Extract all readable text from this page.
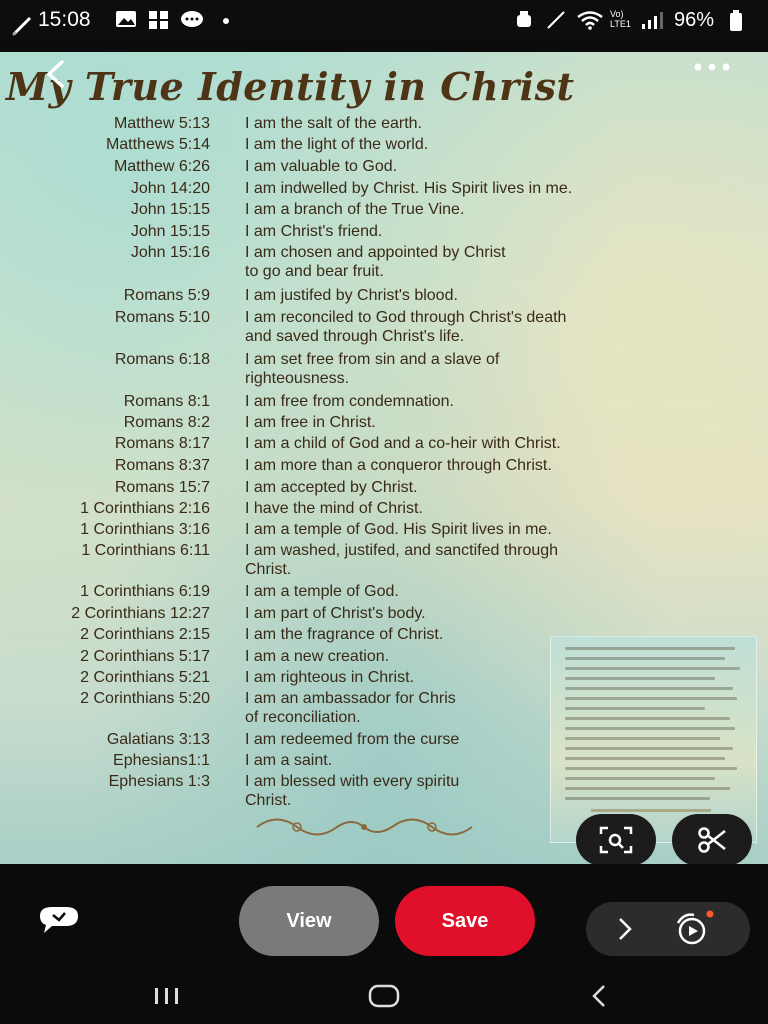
15:08	Vo) LTE1 96%
My True Identity in Christ
Matthew 5:13 I am the salt of the earth.
Matthews 5:14 I am the light of the world.
Matthew 6:26 I am valuable to God.
John 14:20 I am indwelled by Christ. His Spirit lives in me.
John 15:15 I am a branch of the True Vine.
John 15:15 I am Christ's friend.
John 15:16 I am chosen and appointed by Christ
to go and bear fruit.
Romans 5:9 I am justifed by Christ's blood.
Romans 5:10 I am reconciled to God through Christ's death
and saved through Christ's life.
Romans 6:18 I am set free from sin and a slave of
righteousness.
Romans 8:1 I am free from condemnation.
Romans 8:2 I am free in Christ.
Romans 8:17 I am a child of God and a co-heir with Christ.
Romans 8:37 I am more than a conqueror through Christ.
Romans 15:7 I am accepted by Christ.
1 Corinthians 2:16 I have the mind of Christ.
1 Corinthians 3:16 I am a temple of God. His Spirit lives in me.
1 Corinthians 6:11 I am washed, justifed, and sanctifed through
Christ.
1 Corinthians 6:19 I am a temple of God.
2 Corinthians 12:27 I am part of Christ's body.
2 Corinthians 2:15 I am the fragrance of Christ.
2 Corinthians 5:17 I am a new creation.
2 Corinthians 5:21 I am righteous in Christ.
2 Corinthians 5:20 I am an ambassador for Chris
of reconciliation.
Galatians 3:13 I am redeemed from the curse
Ephesians1:1 I am a saint.
Ephesians 1:3 I am blessed with every spiritu
Christ.
View	Save
